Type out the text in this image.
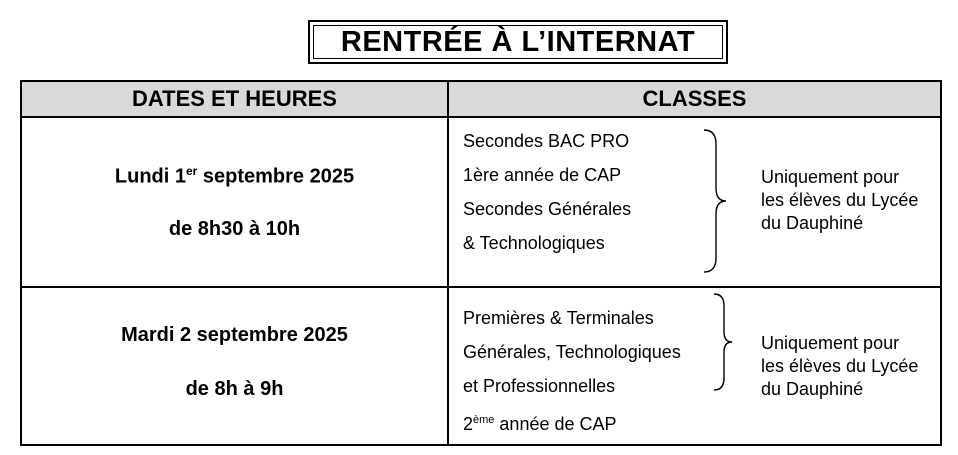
RENTRÉE À L’INTERNAT
DATES ET HEURES	CLASSES
Lundi 1er septembre 2025
de 8h30 à 10h
Secondes BAC PRO
1ère année de CAP
Secondes Générales
& Technologiques
Uniquement pour
les élèves du Lycée
du Dauphiné
Mardi 2 septembre 2025
de 8h à 9h
Premières & Terminales
Générales, Technologiques
et Professionnelles
2ème année de CAP
Uniquement pour
les élèves du Lycée
du Dauphiné
